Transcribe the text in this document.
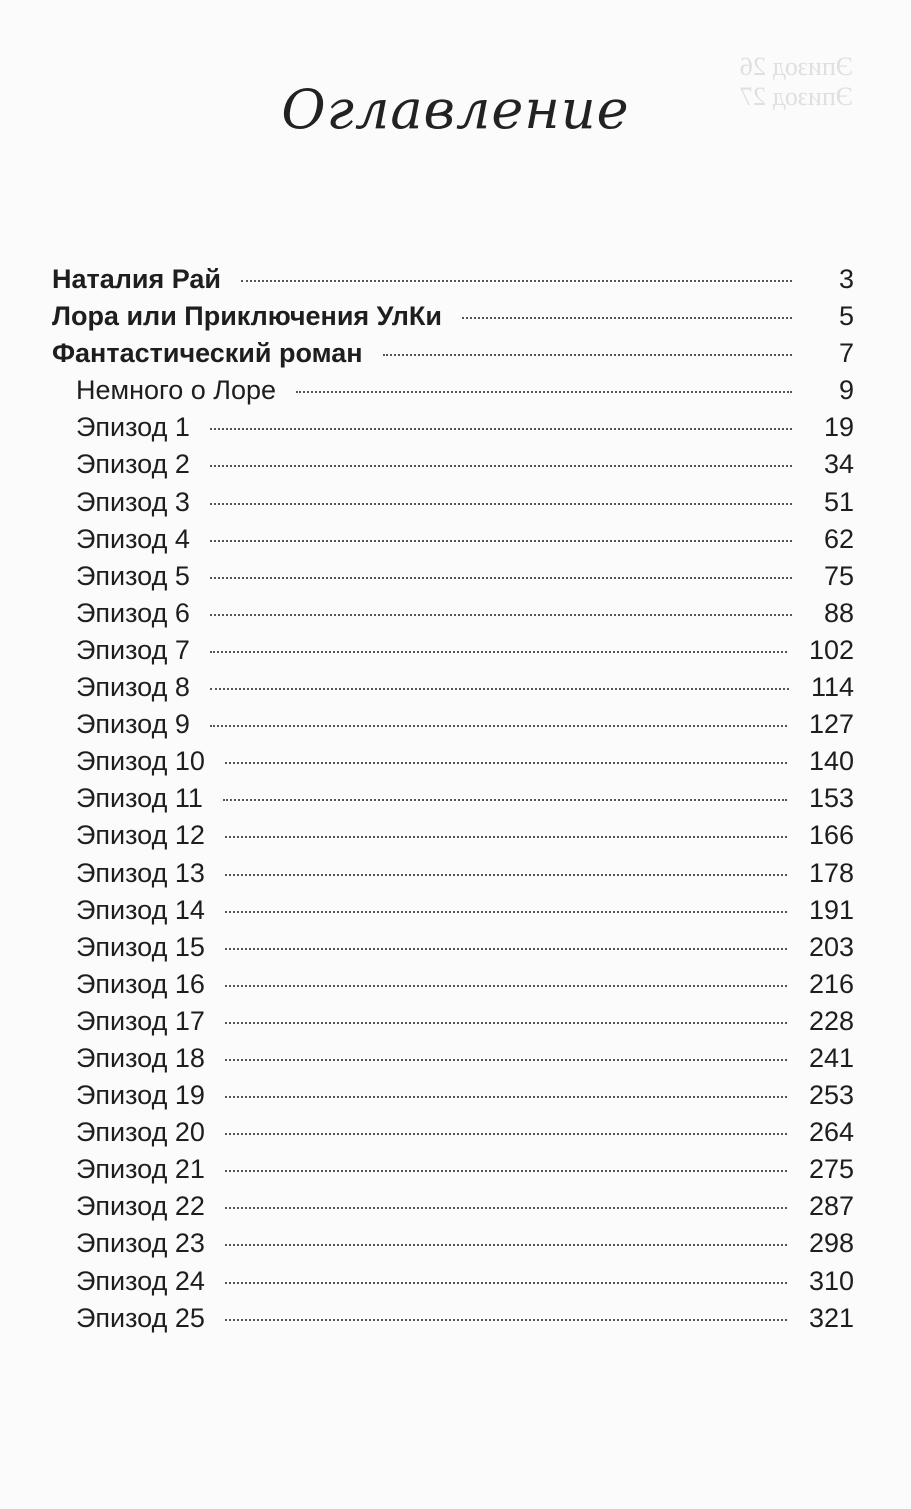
Эпизод 26
Эпизод 27
Оглавление
Наталия Рай	3
Лора или Приключения УлКи	5
Фантастический роман	7
Немного о Лоре	9
Эпизод 1	19
Эпизод 2	34
Эпизод 3	51
Эпизод 4	62
Эпизод 5	75
Эпизод 6	88
Эпизод 7	102
Эпизод 8	114
Эпизод 9	127
Эпизод 10	140
Эпизод 11	153
Эпизод 12	166
Эпизод 13	178
Эпизод 14	191
Эпизод 15	203
Эпизод 16	216
Эпизод 17	228
Эпизод 18	241
Эпизод 19	253
Эпизод 20	264
Эпизод 21	275
Эпизод 22	287
Эпизод 23	298
Эпизод 24	310
Эпизод 25	321
